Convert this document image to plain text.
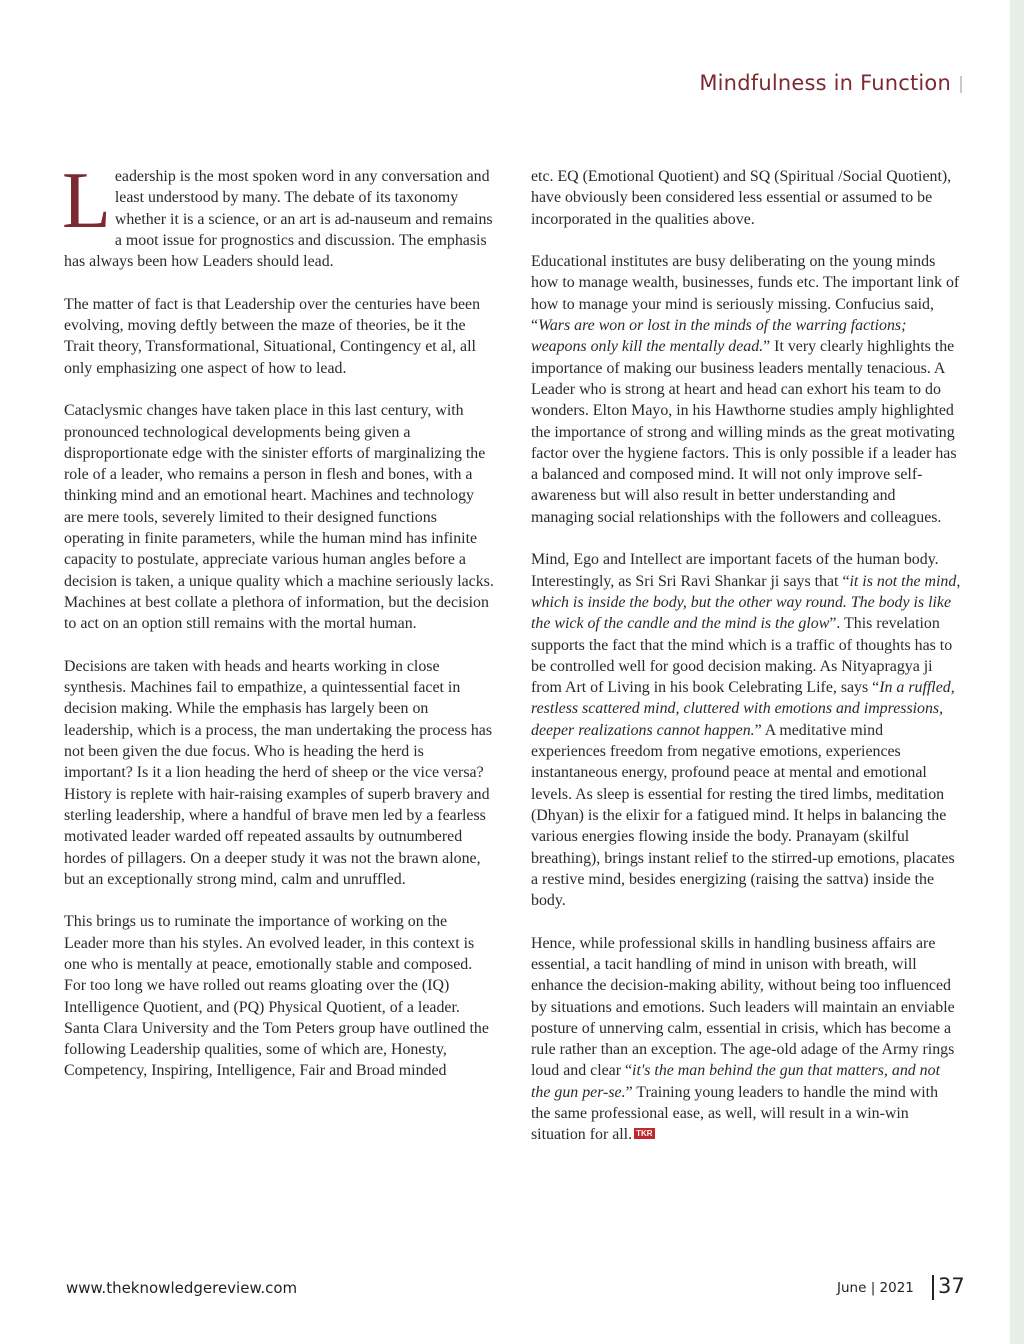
Mindfulness in Function

Leadership is the most spoken word in any conversation and least understood by many. The debate of its taxonomy whether it is a science, or an art is ad-nauseum and remains a moot issue for prognostics and discussion. The emphasis has always been how Leaders should lead.

The matter of fact is that Leadership over the centuries have been evolving, moving deftly between the maze of theories, be it the Trait theory, Transformational, Situational, Contingency et al, all only emphasizing one aspect of how to lead.

Cataclysmic changes have taken place in this last century, with pronounced technological developments being given a disproportionate edge with the sinister efforts of marginalizing the role of a leader, who remains a person in flesh and bones, with a thinking mind and an emotional heart. Machines and technology are mere tools, severely limited to their designed functions operating in finite parameters, while the human mind has infinite capacity to postulate, appreciate various human angles before a decision is taken, a unique quality which a machine seriously lacks. Machines at best collate a plethora of information, but the decision to act on an option still remains with the mortal human.

Decisions are taken with heads and hearts working in close synthesis. Machines fail to empathize, a quintessential facet in decision making. While the emphasis has largely been on leadership, which is a process, the man undertaking the process has not been given the due focus. Who is heading the herd is important? Is it a lion heading the herd of sheep or the vice versa? History is replete with hair-raising examples of superb bravery and sterling leadership, where a handful of brave men led by a fearless motivated leader warded off repeated assaults by outnumbered hordes of pillagers. On a deeper study it was not the brawn alone, but an exceptionally strong mind, calm and unruffled.

This brings us to ruminate the importance of working on the Leader more than his styles. An evolved leader, in this context is one who is mentally at peace, emotionally stable and composed. For too long we have rolled out reams gloating over the (IQ) Intelligence Quotient, and (PQ) Physical Quotient, of a leader. Santa Clara University and the Tom Peters group have outlined the following Leadership qualities, some of which are, Honesty, Competency, Inspiring, Intelligence, Fair and Broad minded

etc. EQ (Emotional Quotient) and SQ (Spiritual /Social Quotient), have obviously been considered less essential or assumed to be incorporated in the qualities above.

Educational institutes are busy deliberating on the young minds how to manage wealth, businesses, funds etc. The important link of how to manage your mind is seriously missing. Confucius said, “Wars are won or lost in the minds of the warring factions; weapons only kill the mentally dead.” It very clearly highlights the importance of making our business leaders mentally tenacious. A Leader who is strong at heart and head can exhort his team to do wonders. Elton Mayo, in his Hawthorne studies amply highlighted the importance of strong and willing minds as the great motivating factor over the hygiene factors. This is only possible if a leader has a balanced and composed mind. It will not only improve self-awareness but will also result in better understanding and managing social relationships with the followers and colleagues.

Mind, Ego and Intellect are important facets of the human body. Interestingly, as Sri Sri Ravi Shankar ji says that “it is not the mind, which is inside the body, but the other way round. The body is like the wick of the candle and the mind is the glow”. This revelation supports the fact that the mind which is a traffic of thoughts has to be controlled well for good decision making. As Nityapragya ji from Art of Living in his book Celebrating Life, says “In a ruffled, restless scattered mind, cluttered with emotions and impressions, deeper realizations cannot happen.” A meditative mind experiences freedom from negative emotions, experiences instantaneous energy, profound peace at mental and emotional levels. As sleep is essential for resting the tired limbs, meditation (Dhyan) is the elixir for a fatigued mind. It helps in balancing the various energies flowing inside the body. Pranayam (skilful breathing), brings instant relief to the stirred-up emotions, placates a restive mind, besides energizing (raising the sattva) inside the body.

Hence, while professional skills in handling business affairs are essential, a tacit handling of mind in unison with breath, will enhance the decision-making ability, without being too influenced by situations and emotions. Such leaders will maintain an enviable posture of unnerving calm, essential in crisis, which has become a rule rather than an exception. The age-old adage of the Army rings loud and clear “it's the man behind the gun that matters, and not the gun per-se.” Training young leaders to handle the mind with the same professional ease, as well, will result in a win-win situation for all. TKR

www.theknowledgereview.com	June | 2021 37
